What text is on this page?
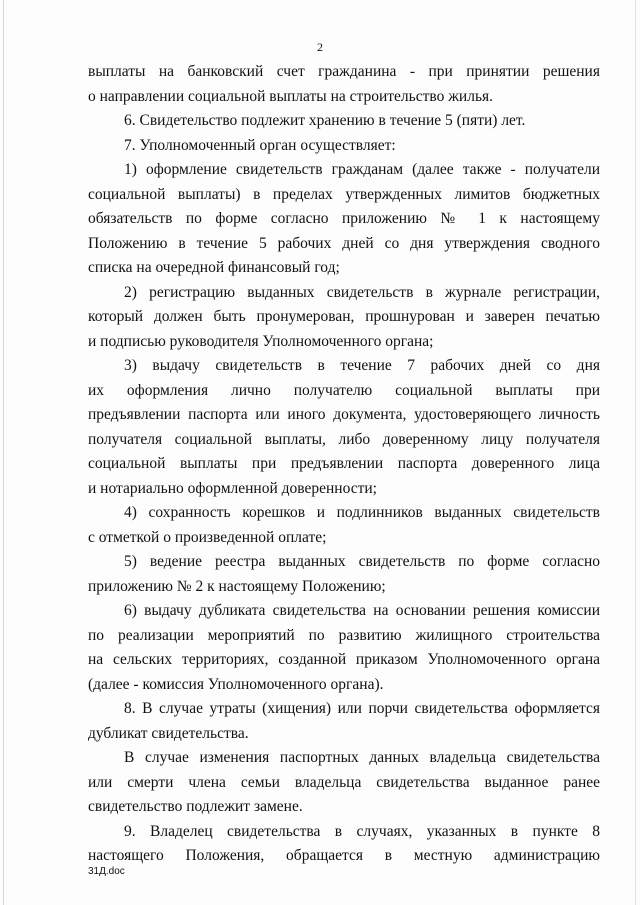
2

выплаты на банковский счет гражданина - при принятии решения
о направлении социальной выплаты на строительство жилья.

6. Свидетельство подлежит хранению в течение 5 (пяти) лет.

7. Уполномоченный орган осуществляет:

1) оформление свидетельств гражданам (далее также - получатели
социальной выплаты) в пределах утвержденных лимитов бюджетных
обязательств по форме согласно приложению № 1 к настоящему
Положению в течение 5 рабочих дней со дня утверждения сводного
списка на очередной финансовый год;

2) регистрацию выданных свидетельств в журнале регистрации,
который должен быть пронумерован, прошнурован и заверен печатью
и подписью руководителя Уполномоченного органа;

3) выдачу свидетельств в течение 7 рабочих дней со дня
их оформления лично получателю социальной выплаты при
предъявлении паспорта или иного документа, удостоверяющего личность
получателя социальной выплаты, либо доверенному лицу получателя
социальной выплаты при предъявлении паспорта доверенного лица
и нотариально оформленной доверенности;

4) сохранность корешков и подлинников выданных свидетельств
с отметкой о произведенной оплате;

5) ведение реестра выданных свидетельств по форме согласно
приложению № 2 к настоящему Положению;

6) выдачу дубликата свидетельства на основании решения комиссии
по реализации мероприятий по развитию жилищного строительства
на сельских территориях, созданной приказом Уполномоченного органа
(далее - комиссия Уполномоченного органа).

8. В случае утраты (хищения) или порчи свидетельства оформляется
дубликат свидетельства.

В случае изменения паспортных данных владельца свидетельства
или смерти члена семьи владельца свидетельства выданное ранее
свидетельство подлежит замене.

9. Владелец свидетельства в случаях, указанных в пункте 8
настоящего Положения, обращается в местную администрацию

31Д.doc
